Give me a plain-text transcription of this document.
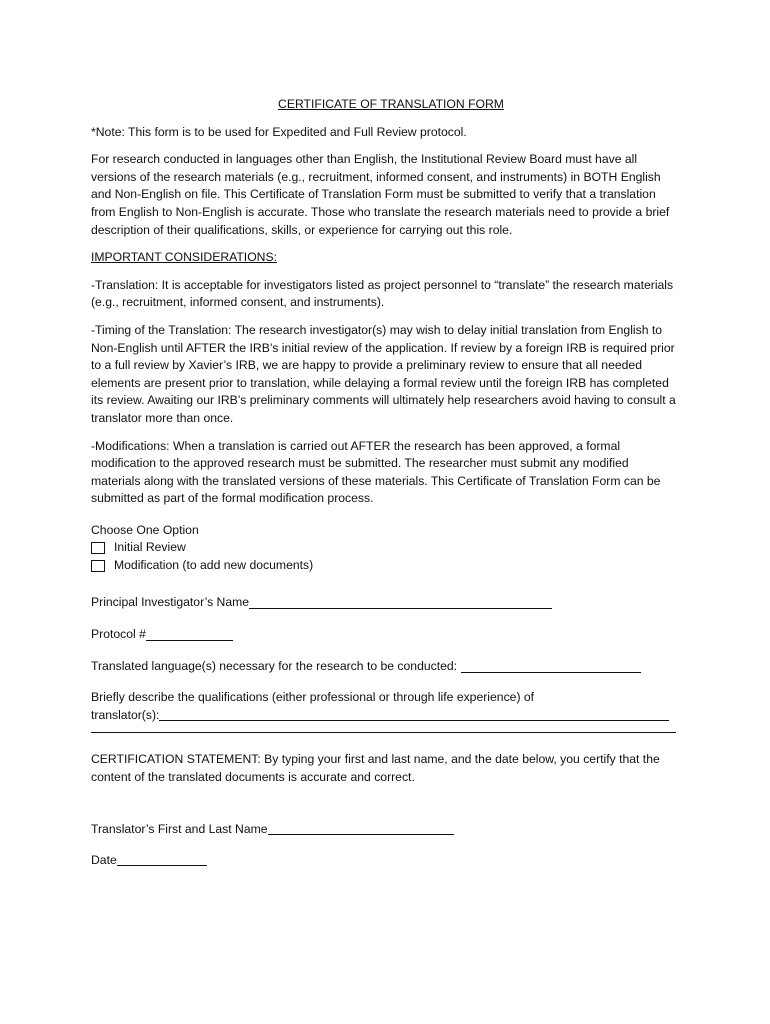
CERTIFICATE OF TRANSLATION FORM

*Note: This form is to be used for Expedited and Full Review protocol.

For research conducted in languages other than English, the Institutional Review Board must have all versions of the research materials (e.g., recruitment, informed consent, and instruments) in BOTH English and Non-English on file. This Certificate of Translation Form must be submitted to verify that a translation from English to Non-English is accurate. Those who translate the research materials need to provide a brief description of their qualifications, skills, or experience for carrying out this role.

IMPORTANT CONSIDERATIONS:

-Translation: It is acceptable for investigators listed as project personnel to “translate” the research materials (e.g., recruitment, informed consent, and instruments).

-Timing of the Translation: The research investigator(s) may wish to delay initial translation from English to Non-English until AFTER the IRB’s initial review of the application. If review by a foreign IRB is required prior to a full review by Xavier’s IRB, we are happy to provide a preliminary review to ensure that all needed elements are present prior to translation, while delaying a formal review until the foreign IRB has completed its review. Awaiting our IRB’s preliminary comments will ultimately help researchers avoid having to consult a translator more than once.

-Modifications: When a translation is carried out AFTER the research has been approved, a formal modification to the approved research must be submitted. The researcher must submit any modified materials along with the translated versions of these materials. This Certificate of Translation Form can be submitted as part of the formal modification process.

Choose One Option
Initial Review
Modification (to add new documents)
Principal Investigator’s Name
Protocol #
Translated language(s) necessary for the research to be conducted:
Briefly describe the qualifications (either professional or through life experience) of
translator(s):

CERTIFICATION STATEMENT: By typing your first and last name, and the date below, you certify that the content of the translated documents is accurate and correct.

Translator’s First and Last Name
Date
